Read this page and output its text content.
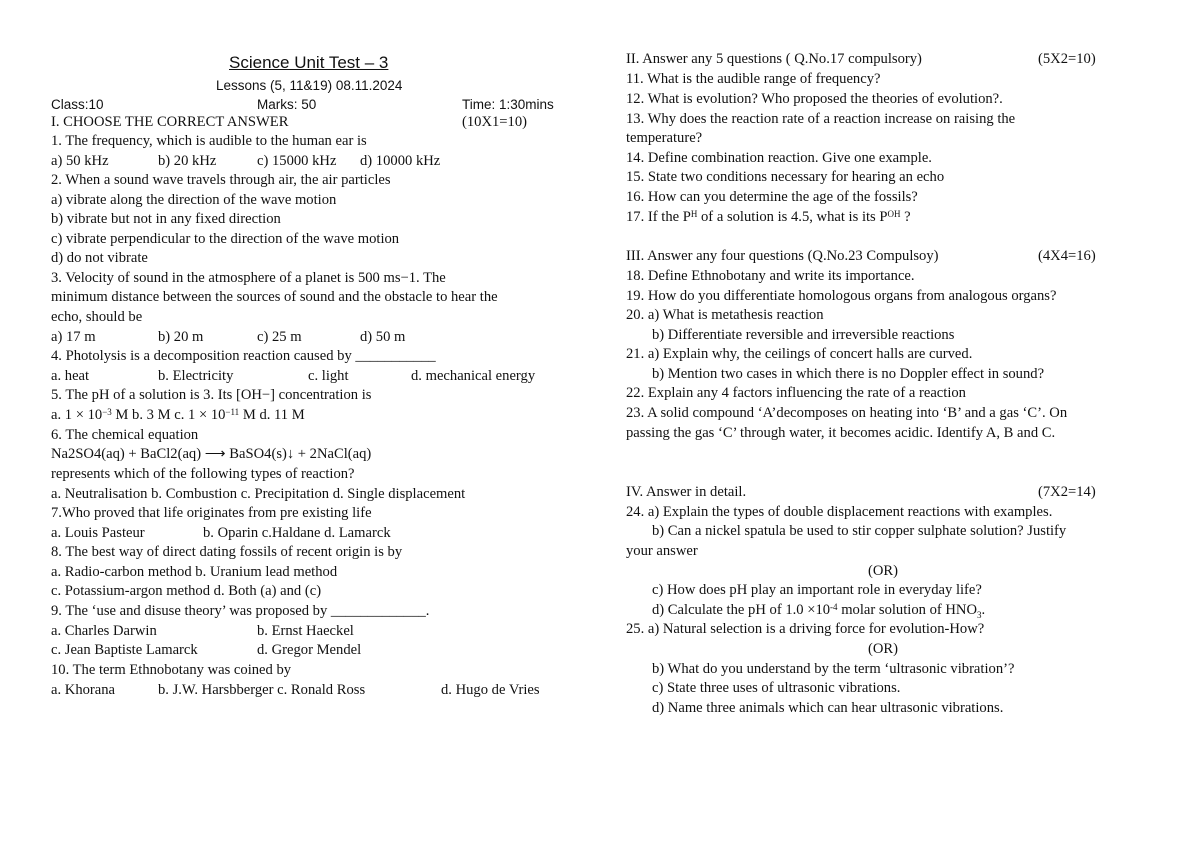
Science Unit Test – 3
Lessons (5, 11&19) 08.11.2024
Class:10	Marks: 50	Time: 1:30mins
I. CHOOSE THE CORRECT ANSWER	(10X1=10)
1. The frequency, which is audible to the human ear is
a) 50 kHz	b) 20 kHz	c) 15000 kHz d) 10000 kHz
2. When a sound wave travels through air, the air particles
a) vibrate along the direction of the wave motion
b) vibrate but not in any fixed direction
c) vibrate perpendicular to the direction of the wave motion
d) do not vibrate
3. Velocity of sound in the atmosphere of a planet is 500 ms−1. The
minimum distance between the sources of sound and the obstacle to hear the
echo, should be
a) 17 m	b) 20 m	c) 25 m	d) 50 m
4. Photolysis is a decomposition reaction caused by ___________
a. heat	b. Electricity	c. light	d. mechanical energy
5. The pH of a solution is 3. Its [OH−] concentration is
a. $1 \times 10^{-3}$ M b. 3 M c. $1 \times 10^{-11}$ M d. 11 M
6. The chemical equation
Na2SO4(aq) + BaCl2(aq) ⟶ BaSO4(s)↓ + 2NaCl(aq)
represents which of the following types of reaction?
a. Neutralisation b. Combustion c. Precipitation d. Single displacement
7.Who proved that life originates from pre existing life
a. Louis Pasteur	b. Oparin c.Haldane d. Lamarck
8. The best way of direct dating fossils of recent origin is by
a. Radio-carbon method b. Uranium lead method
c. Potassium-argon method d. Both (a) and (c)
9. The ‘use and disuse theory’ was proposed by _____________.
a. Charles Darwin	b. Ernst Haeckel
c. Jean Baptiste Lamarck	d. Gregor Mendel
10. The term Ethnobotany was coined by
a. Khorana	b. J.W. Harsbberger c. Ronald Ross	d. Hugo de Vries
II. Answer any 5 questions ( Q.No.17 compulsory)	(5X2=10)
11. What is the audible range of frequency?
12. What is evolution? Who proposed the theories of evolution?.
13. Why does the reaction rate of a reaction increase on raising the
temperature?
14. Define combination reaction. Give one example.
15. State two conditions necessary for hearing an echo
16. How can you determine the age of the fossils?
17. If the $P^H$ of a solution is 4.5, what is its $P^{OH}$ ?
III. Answer any four questions (Q.No.23 Compulsoy)	(4X4=16)
18. Define Ethnobotany and write its importance.
19. How do you differentiate homologous organs from analogous organs?
20. a) What is metathesis reaction
b) Differentiate reversible and irreversible reactions
21. a) Explain why, the ceilings of concert halls are curved.
b) Mention two cases in which there is no Doppler effect in sound?
22. Explain any 4 factors influencing the rate of a reaction
23. A solid compound ‘A’decomposes on heating into ‘B’ and a gas ‘C’. On
passing the gas ‘C’ through water, it becomes acidic. Identify A, B and C.
IV. Answer in detail.	(7X2=14)
24. a) Explain the types of double displacement reactions with examples.
b) Can a nickel spatula be used to stir copper sulphate solution? Justify
your answer
(OR)
c) How does pH play an important role in everyday life?
d) Calculate the pH of $1.0 \times 10^{-4}$ molar solution of $HNO_3$.
25. a) Natural selection is a driving force for evolution-How?
(OR)
b) What do you understand by the term ‘ultrasonic vibration’?
c) State three uses of ultrasonic vibrations.
d) Name three animals which can hear ultrasonic vibrations.
